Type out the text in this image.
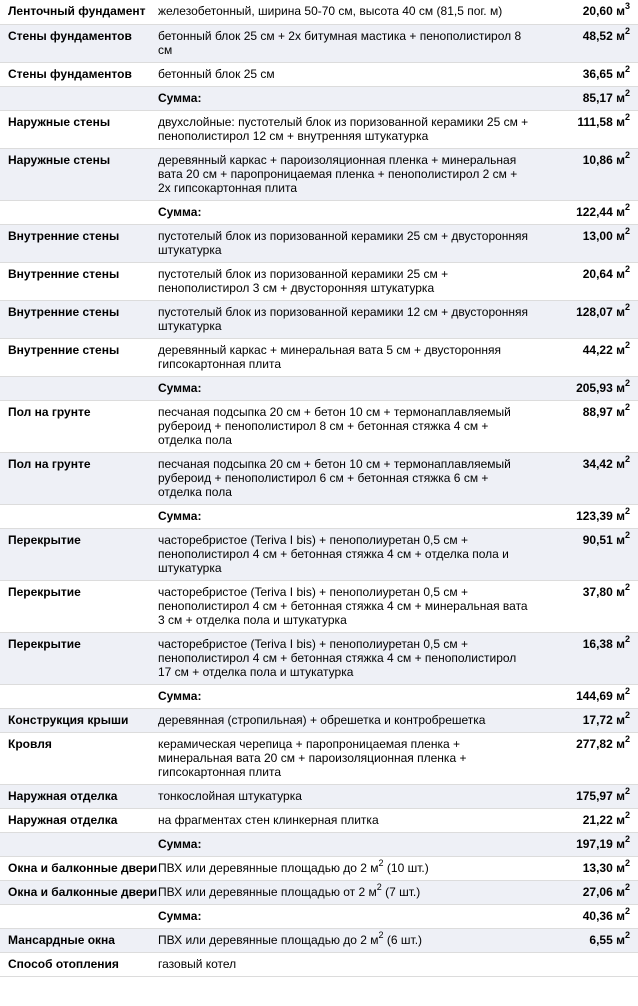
Ленточный фундамент	железобетонный, ширина 50-70 см, высота 40 см (81,5 пог. м)	20,60 $м^3$
Стены фундаментов	бетонный блок 25 см + 2х битумная мастика + пенополистирол 8 см	48,52 $м^2$
Стены фундаментов	бетонный блок 25 см	36,65 $м^2$
	Сумма:	85,17 $м^2$
Наружные стены	двухслойные: пустотелый блок из поризованной керамики 25 см + пенополистирол 12 см + внутренняя штукатурка	111,58 $м^2$
Наружные стены	деревянный каркас + пароизоляционная пленка + минеральная вата 20 см + паропроницаемая пленка + пенополистирол 2 см + 2х гипсокартонная плита	10,86 $м^2$
	Сумма:	122,44 $м^2$
Внутренние стены	пустотелый блок из поризованной керамики 25 см + двусторонняя штукатурка	13,00 $м^2$
Внутренние стены	пустотелый блок из поризованной керамики 25 см + пенополистирол 3 см + двусторонняя штукатурка	20,64 $м^2$
Внутренние стены	пустотелый блок из поризованной керамики 12 см + двусторонняя штукатурка	128,07 $м^2$
Внутренние стены	деревянный каркас + минеральная вата 5 см + двусторонняя гипсокартонная плита	44,22 $м^2$
	Сумма:	205,93 $м^2$
Пол на грунте	песчаная подсыпка 20 см + бетон 10 см + термонаплавляемый рубероид + пенополистирол 8 см + бетонная стяжка 4 см + отделка пола	88,97 $м^2$
Пол на грунте	песчаная подсыпка 20 см + бетон 10 см + термонаплавляемый рубероид + пенополистирол 6 см + бетонная стяжка 6 см + отделка пола	34,42 $м^2$
	Сумма:	123,39 $м^2$
Перекрытие	часторебристое (Teriva I bis) + пенополиуретан 0,5 см + пенополистирол 4 см + бетонная стяжка 4 см + отделка пола и штукатурка	90,51 $м^2$
Перекрытие	часторебристое (Teriva I bis) + пенополиуретан 0,5 см + пенополистирол 4 см + бетонная стяжка 4 см + минеральная вата 3 см + отделка пола и штукатурка	37,80 $м^2$
Перекрытие	часторебристое (Teriva I bis) + пенополиуретан 0,5 см + пенополистирол 4 см + бетонная стяжка 4 см + пенополистирол 17 см + отделка пола и штукатурка	16,38 $м^2$
	Сумма:	144,69 $м^2$
Конструкция крыши	деревянная (стропильная) + обрешетка и контробрешетка	17,72 $м^2$
Кровля	керамическая черепица + паропроницаемая пленка + минеральная вата 20 см + пароизоляционная пленка + гипсокартонная плита	277,82 $м^2$
Наружная отделка	тонкослойная штукатурка	175,97 $м^2$
Наружная отделка	на фрагментах стен клинкерная плитка	21,22 $м^2$
	Сумма:	197,19 $м^2$
Окна и балконные двери	ПВХ или деревянные площадью до 2 $м^2$ (10 шт.)	13,30 $м^2$
Окна и балконные двери	ПВХ или деревянные площадью от 2 $м^2$ (7 шт.)	27,06 $м^2$
	Сумма:	40,36 $м^2$
Мансардные окна	ПВХ или деревянные площадью до 2 $м^2$ (6 шт.)	6,55 $м^2$
Способ отопления	газовый котел	
